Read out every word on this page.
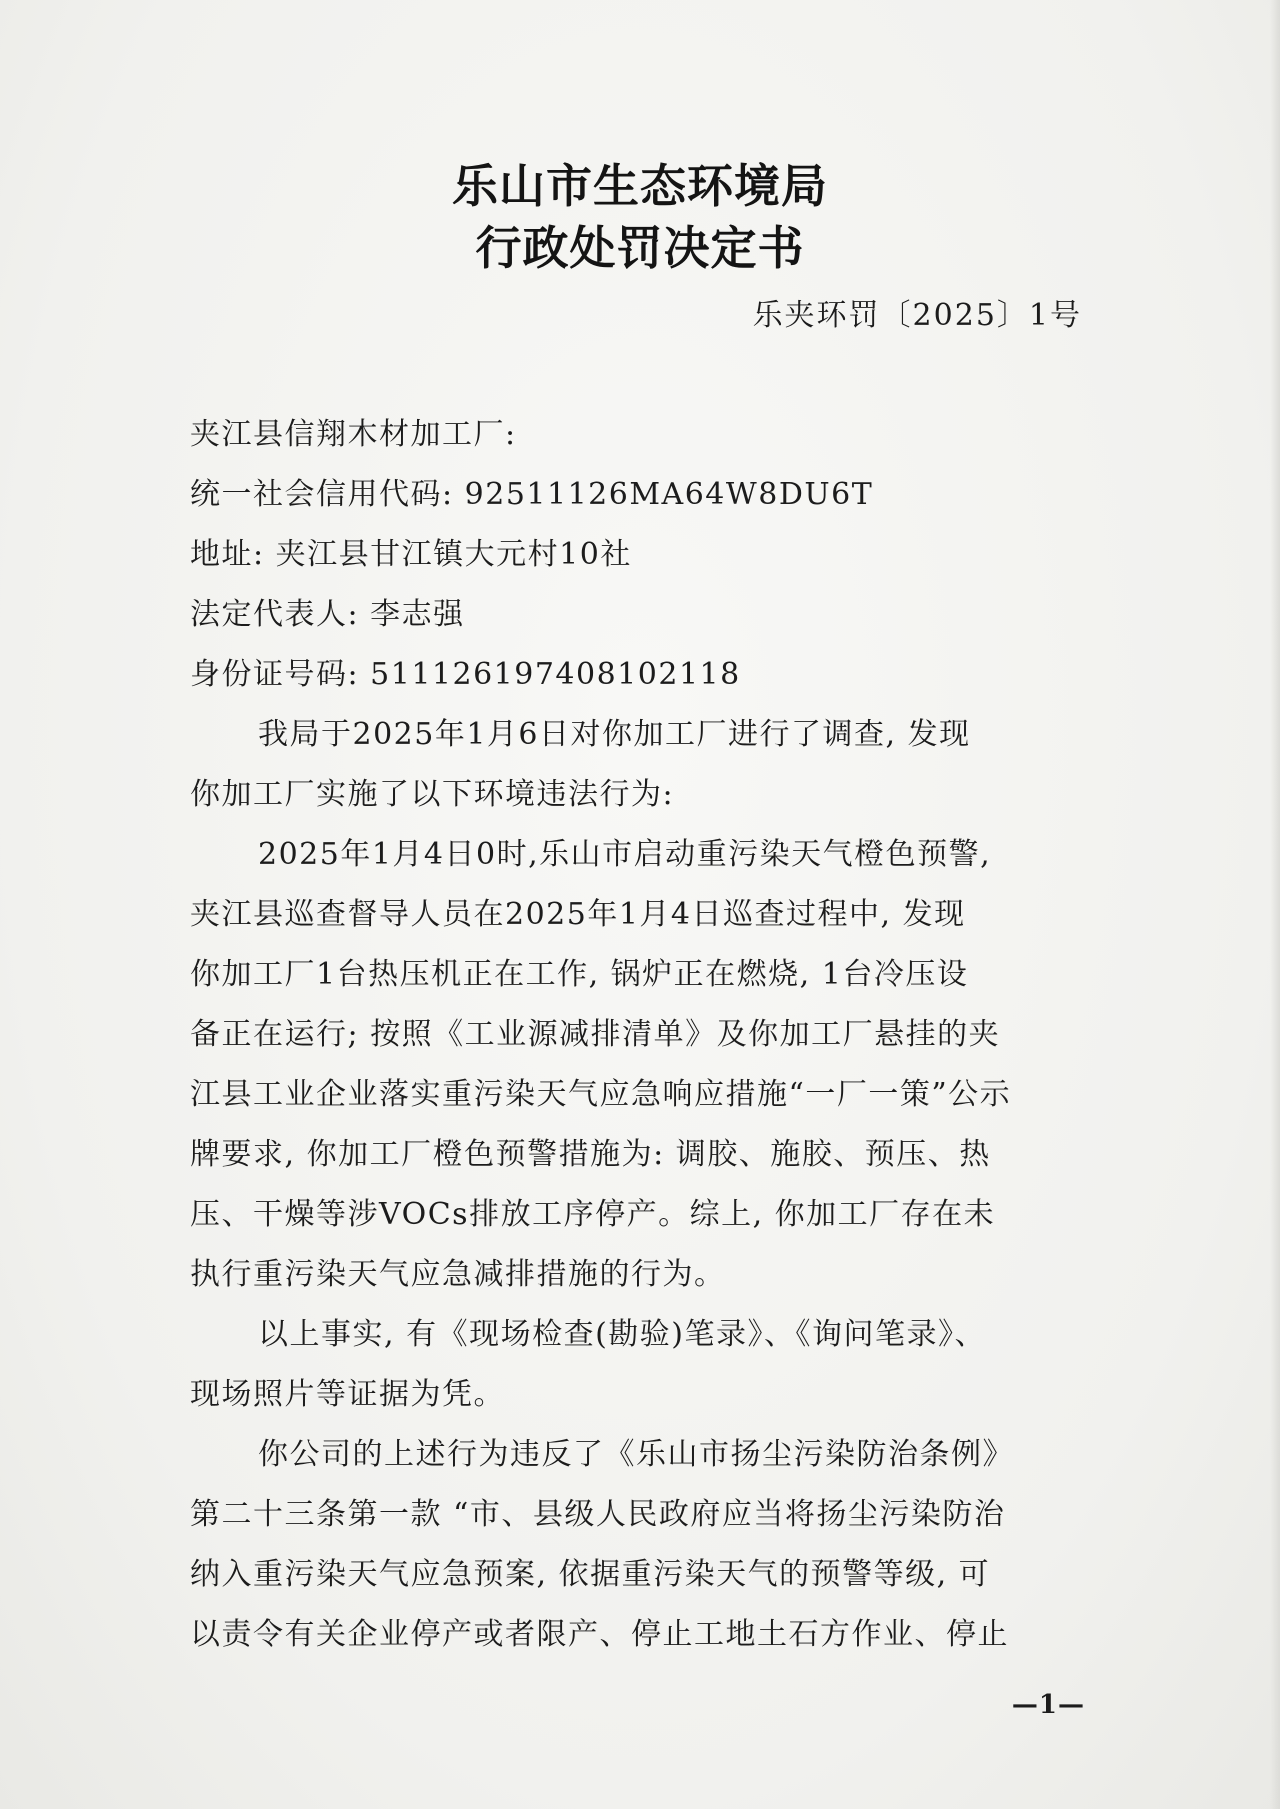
乐山市生态环境局
行政处罚决定书
乐夹环罚〔2025〕1号
夹江县信翔木材加工厂:
统一社会信用代码: 92511126MA64W8DU6T
地址: 夹江县甘江镇大元村10社
法定代表人: 李志强
身份证号码: 511126197408102118
我局于2025年1月6日对你加工厂进行了调查, 发现
你加工厂实施了以下环境违法行为:
2025年1月4日0时,乐山市启动重污染天气橙色预警,
夹江县巡查督导人员在2025年1月4日巡查过程中, 发现
你加工厂1台热压机正在工作, 锅炉正在燃烧, 1台冷压设
备正在运行; 按照《工业源减排清单》及你加工厂悬挂的夹
江县工业企业落实重污染天气应急响应措施“一厂一策”公示
牌要求, 你加工厂橙色预警措施为: 调胶、施胶、预压、热
压、干燥等涉VOCs排放工序停产。综上, 你加工厂存在未
执行重污染天气应急减排措施的行为。
以上事实, 有《现场检查(勘验)笔录》、《询问笔录》、
现场照片等证据为凭。
你公司的上述行为违反了《乐山市扬尘污染防治条例》
第二十三条第一款 “市、县级人民政府应当将扬尘污染防治
纳入重污染天气应急预案, 依据重污染天气的预警等级, 可
以责令有关企业停产或者限产、停止工地土石方作业、停止
—1—
